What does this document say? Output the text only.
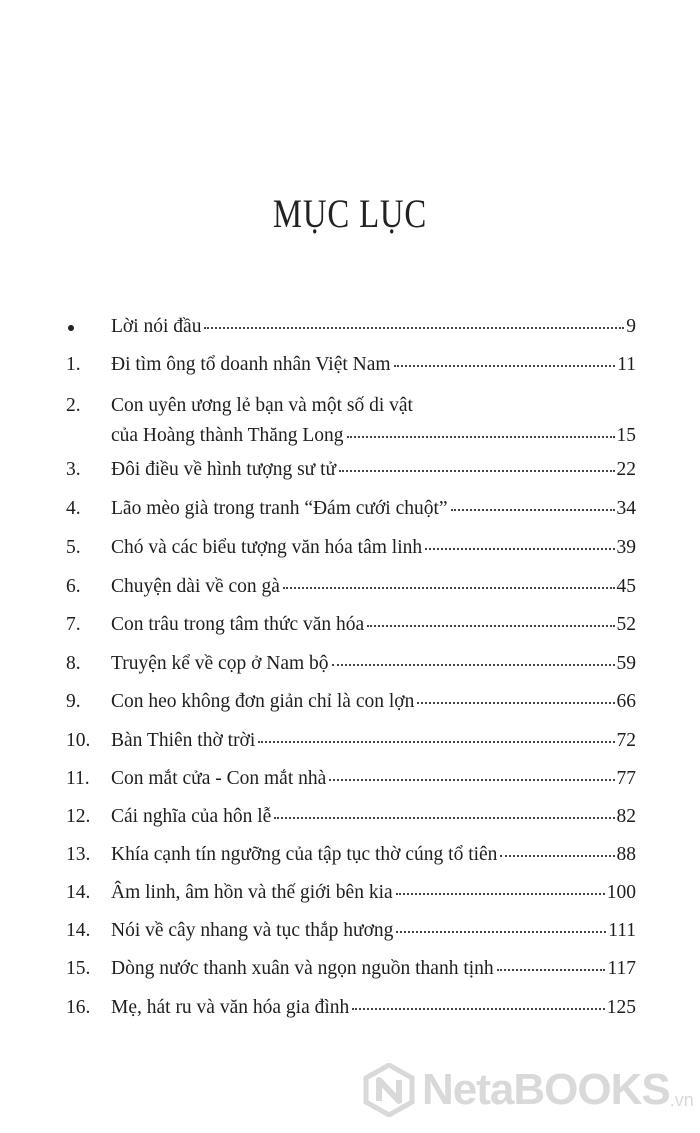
MỤC LỤC
Lời nói đầu	9
1.	Đi tìm ông tổ doanh nhân Việt Nam	11
2.	Con uyên ương lẻ bạn và một số di vật
của Hoàng thành Thăng Long	15
3.	Đôi điều về hình tượng sư tử	22
4.	Lão mèo già trong tranh “Đám cưới chuột”	34
5.	Chó và các biểu tượng văn hóa tâm linh	39
6.	Chuyện dài về con gà	45
7.	Con trâu trong tâm thức văn hóa	52
8.	Truyện kể về cọp ở Nam bộ	59
9.	Con heo không đơn giản chỉ là con lợn	66
10.	Bàn Thiên thờ trời	72
11.	Con mắt cửa - Con mắt nhà	77
12.	Cái nghĩa của hôn lễ	82
13.	Khía cạnh tín ngưỡng của tập tục thờ cúng tổ tiên	88
14.	Âm linh, âm hồn và thế giới bên kia	100
14.	Nói về cây nhang và tục thắp hương	111
15.	Dòng nước thanh xuân và ngọn nguồn thanh tịnh	117
16.	Mẹ, hát ru và văn hóa gia đình	125
NetaBOOKS .vn
